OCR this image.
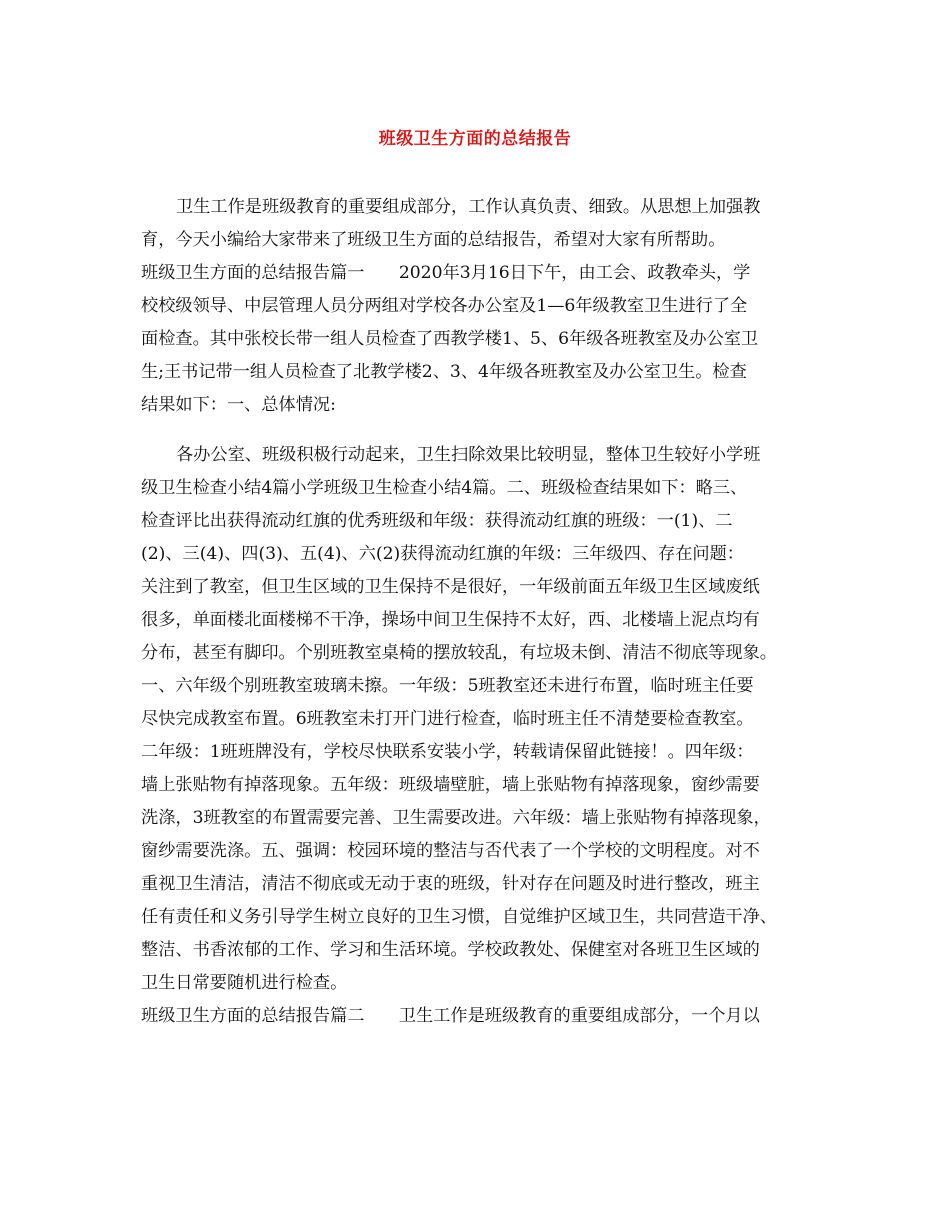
班级卫生方面的总结报告
卫生工作是班级教育的重要组成部分，工作认真负责、细致。从思想上加强教
育，今天小编给大家带来了班级卫生方面的总结报告，希望对大家有所帮助。
班级卫生方面的总结报告篇一　　2020年3月16日下午，由工会、政教牵头，学
校校级领导、中层管理人员分两组对学校各办公室及1—6年级教室卫生进行了全
面检查。其中张校长带一组人员检查了西教学楼1、5、6年级各班教室及办公室卫
生;王书记带一组人员检查了北教学楼2、3、4年级各班教室及办公室卫生。检查
结果如下：一、总体情况:
各办公室、班级积极行动起来，卫生扫除效果比较明显，整体卫生较好小学班
级卫生检查小结4篇小学班级卫生检查小结4篇。二、班级检查结果如下：略三、
检查评比出获得流动红旗的优秀班级和年级：获得流动红旗的班级：一(1)、二
(2)、三(4)、四(3)、五(4)、六(2)获得流动红旗的年级：三年级四、存在问题：
关注到了教室，但卫生区域的卫生保持不是很好，一年级前面五年级卫生区域废纸
很多，单面楼北面楼梯不干净，操场中间卫生保持不太好，西、北楼墙上泥点均有
分布，甚至有脚印。个别班教室桌椅的摆放较乱，有垃圾未倒、清洁不彻底等现象。
一、六年级个别班教室玻璃未擦。一年级：5班教室还未进行布置，临时班主任要
尽快完成教室布置。6班教室未打开门进行检查，临时班主任不清楚要检查教室。
二年级：1班班牌没有，学校尽快联系安装小学，转载请保留此链接！。四年级：
墙上张贴物有掉落现象。五年级：班级墙壁脏，墙上张贴物有掉落现象，窗纱需要
洗涤，3班教室的布置需要完善、卫生需要改进。六年级：墙上张贴物有掉落现象，
窗纱需要洗涤。五、强调：校园环境的整洁与否代表了一个学校的文明程度。对不
重视卫生清洁，清洁不彻底或无动于衷的班级，针对存在问题及时进行整改，班主
任有责任和义务引导学生树立良好的卫生习惯，自觉维护区域卫生，共同营造干净、
整洁、书香浓郁的工作、学习和生活环境。学校政教处、保健室对各班卫生区域的
卫生日常要随机进行检查。
班级卫生方面的总结报告篇二　　卫生工作是班级教育的重要组成部分，一个月以
